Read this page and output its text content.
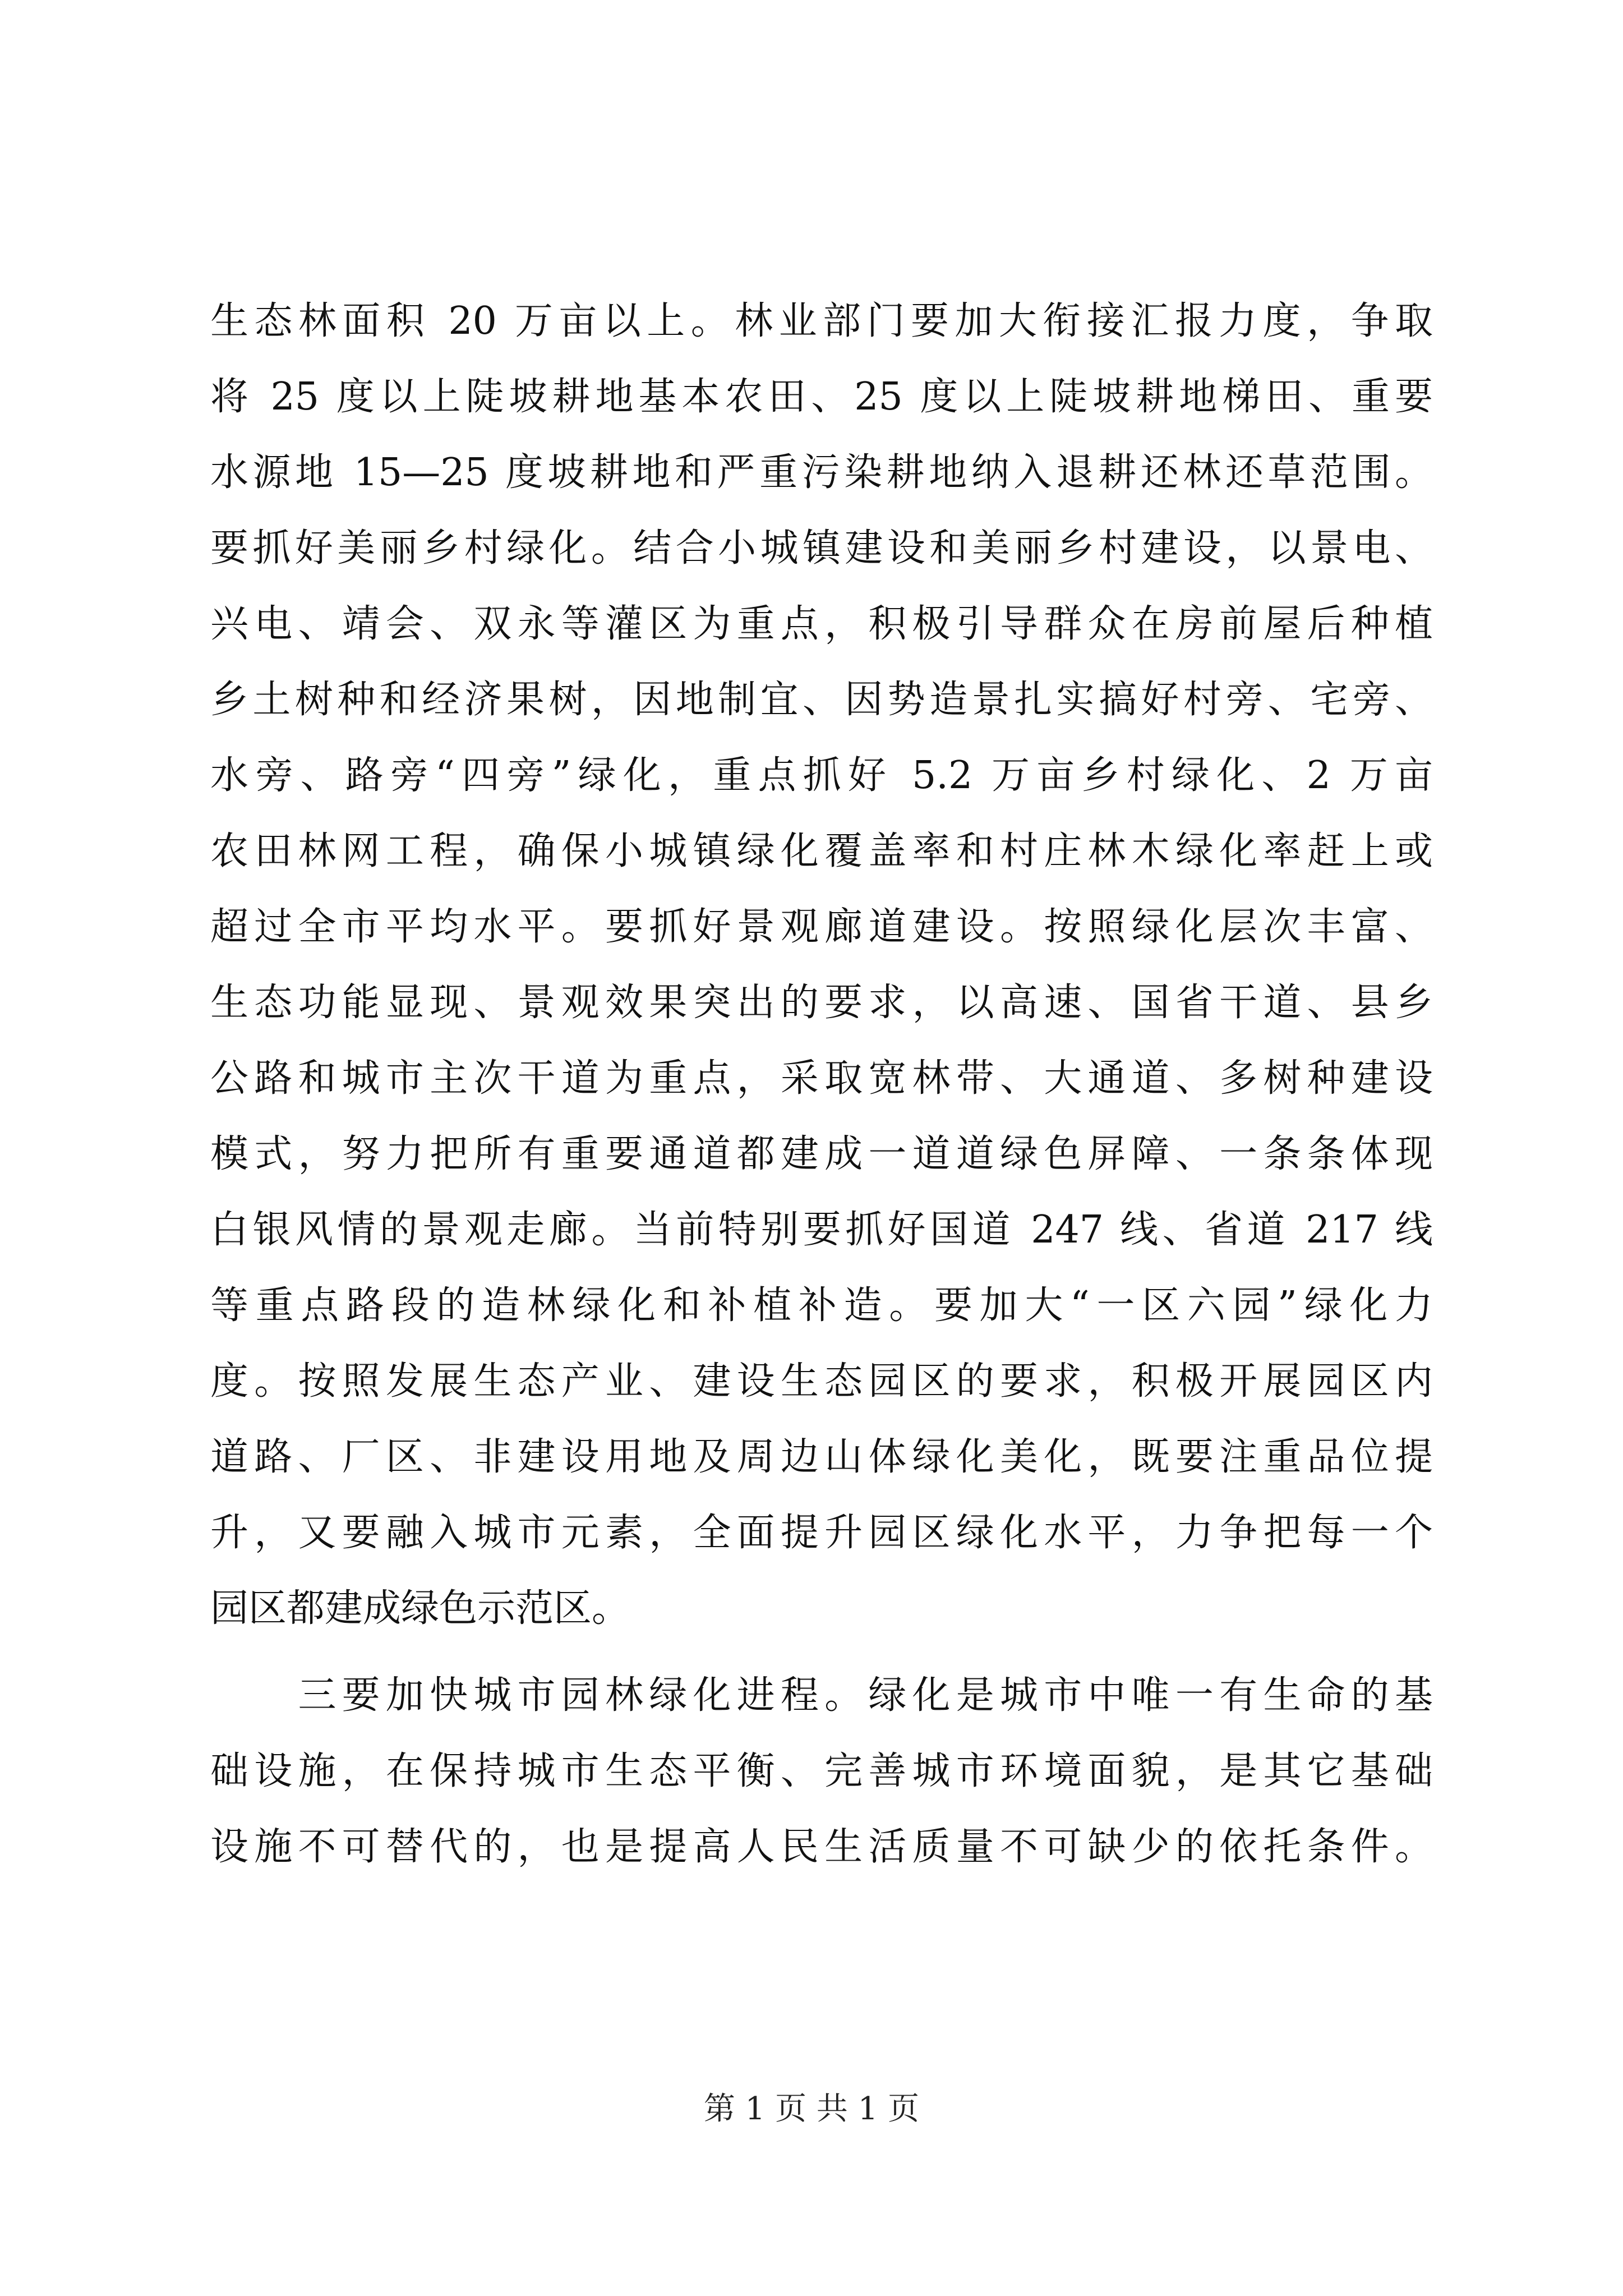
生态林面积 20 万亩以上。林业部门要加大衔接汇报力度，争取
将 25 度以上陡坡耕地基本农田、25 度以上陡坡耕地梯田、重要
水源地 15—25 度坡耕地和严重污染耕地纳入退耕还林还草范围。
要抓好美丽乡村绿化。结合小城镇建设和美丽乡村建设，以景电、
兴电、靖会、双永等灌区为重点，积极引导群众在房前屋后种植
乡土树种和经济果树，因地制宜、因势造景扎实搞好村旁、宅旁、
水旁、路旁“四旁”绿化，重点抓好 5.2 万亩乡村绿化、2 万亩
农田林网工程，确保小城镇绿化覆盖率和村庄林木绿化率赶上或
超过全市平均水平。要抓好景观廊道建设。按照绿化层次丰富、
生态功能显现、景观效果突出的要求，以高速、国省干道、县乡
公路和城市主次干道为重点，采取宽林带、大通道、多树种建设
模式，努力把所有重要通道都建成一道道绿色屏障、一条条体现
白银风情的景观走廊。当前特别要抓好国道 247 线、省道 217 线
等重点路段的造林绿化和补植补造。要加大“一区六园”绿化力
度。按照发展生态产业、建设生态园区的要求，积极开展园区内
道路、厂区、非建设用地及周边山体绿化美化，既要注重品位提
升，又要融入城市元素，全面提升园区绿化水平，力争把每一个
园区都建成绿色示范区。
　　三要加快城市园林绿化进程。绿化是城市中唯一有生命的基
础设施，在保持城市生态平衡、完善城市环境面貌，是其它基础
设施不可替代的，也是提高人民生活质量不可缺少的依托条件。
第 1 页 共 1 页
